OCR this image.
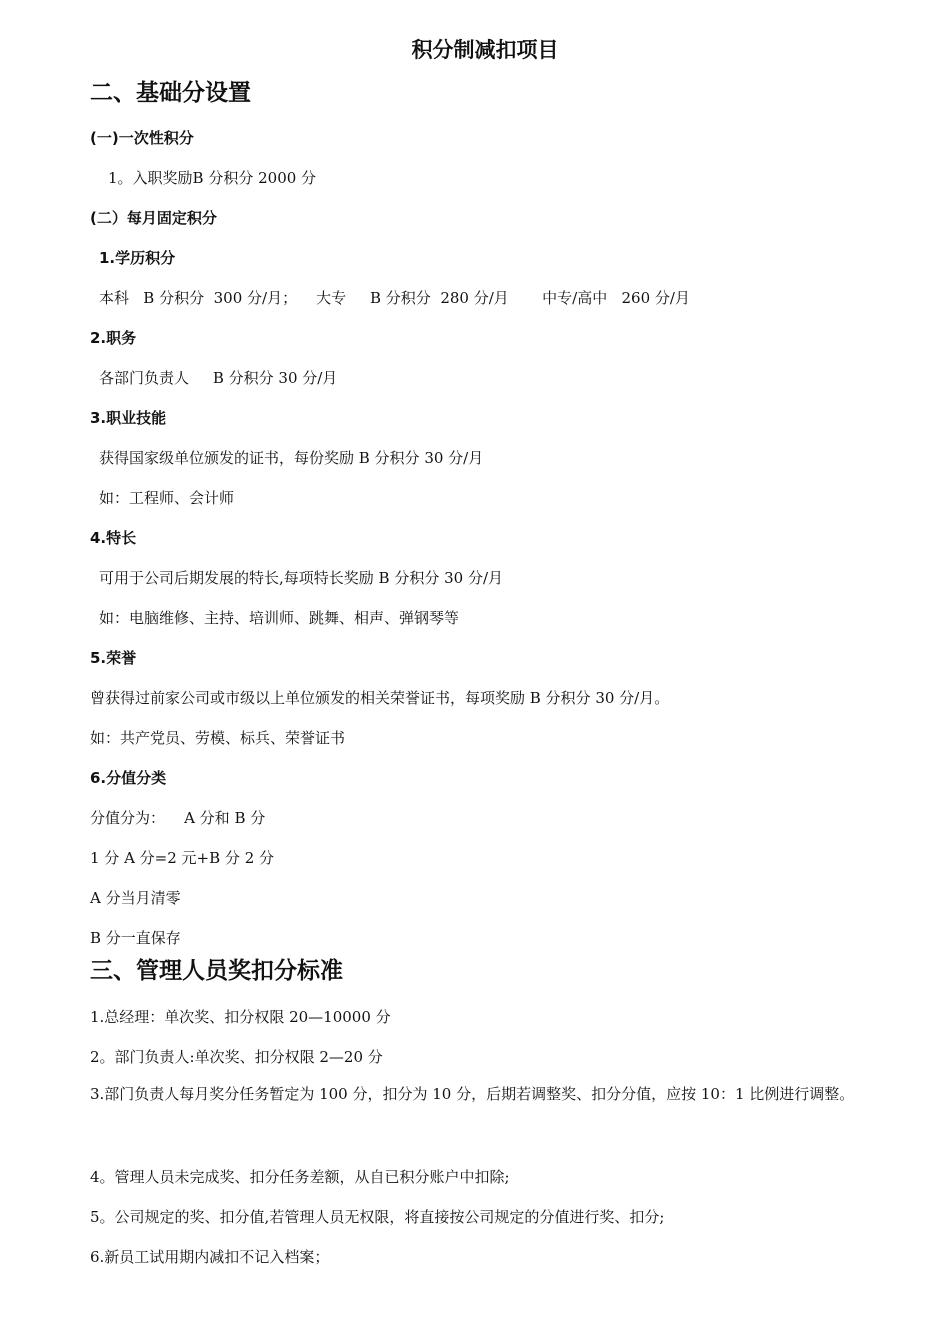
积分制减扣项目
二、基础分设置
(一)一次性积分
1。入职奖励B 分积分 2000 分
(二）每月固定积分
1.学历积分
本科   B 分积分  300 分/月；    大专     B 分积分  280 分/月       中专/高中   260 分/月
2.职务
各部门负责人     B 分积分 30 分/月
3.职业技能
获得国家级单位颁发的证书，每份奖励 B 分积分 30 分/月
如：工程师、会计师
4.特长
可用于公司后期发展的特长,每项特长奖励 B 分积分 30 分/月
如：电脑维修、主持、培训师、跳舞、相声、弹钢琴等
5.荣誉
曾获得过前家公司或市级以上单位颁发的相关荣誉证书，每项奖励 B 分积分 30 分/月。
如：共产党员、劳模、标兵、荣誉证书
6.分值分类
分值分为：    A 分和 B 分
1 分 A 分=2 元+B 分 2 分
A 分当月清零
B 分一直保存
三、管理人员奖扣分标准
1.总经理：单次奖、扣分权限 20—10000 分
2。部门负责人:单次奖、扣分权限 2—20 分
3.部门负责人每月奖分任务暂定为 100 分，扣分为 10 分，后期若调整奖、扣分分值，应按 10：1 比例进行调整。
4。管理人员未完成奖、扣分任务差额，从自已积分账户中扣除;
5。公司规定的奖、扣分值,若管理人员无权限，将直接按公司规定的分值进行奖、扣分;
6.新员工试用期内减扣不记入档案；
